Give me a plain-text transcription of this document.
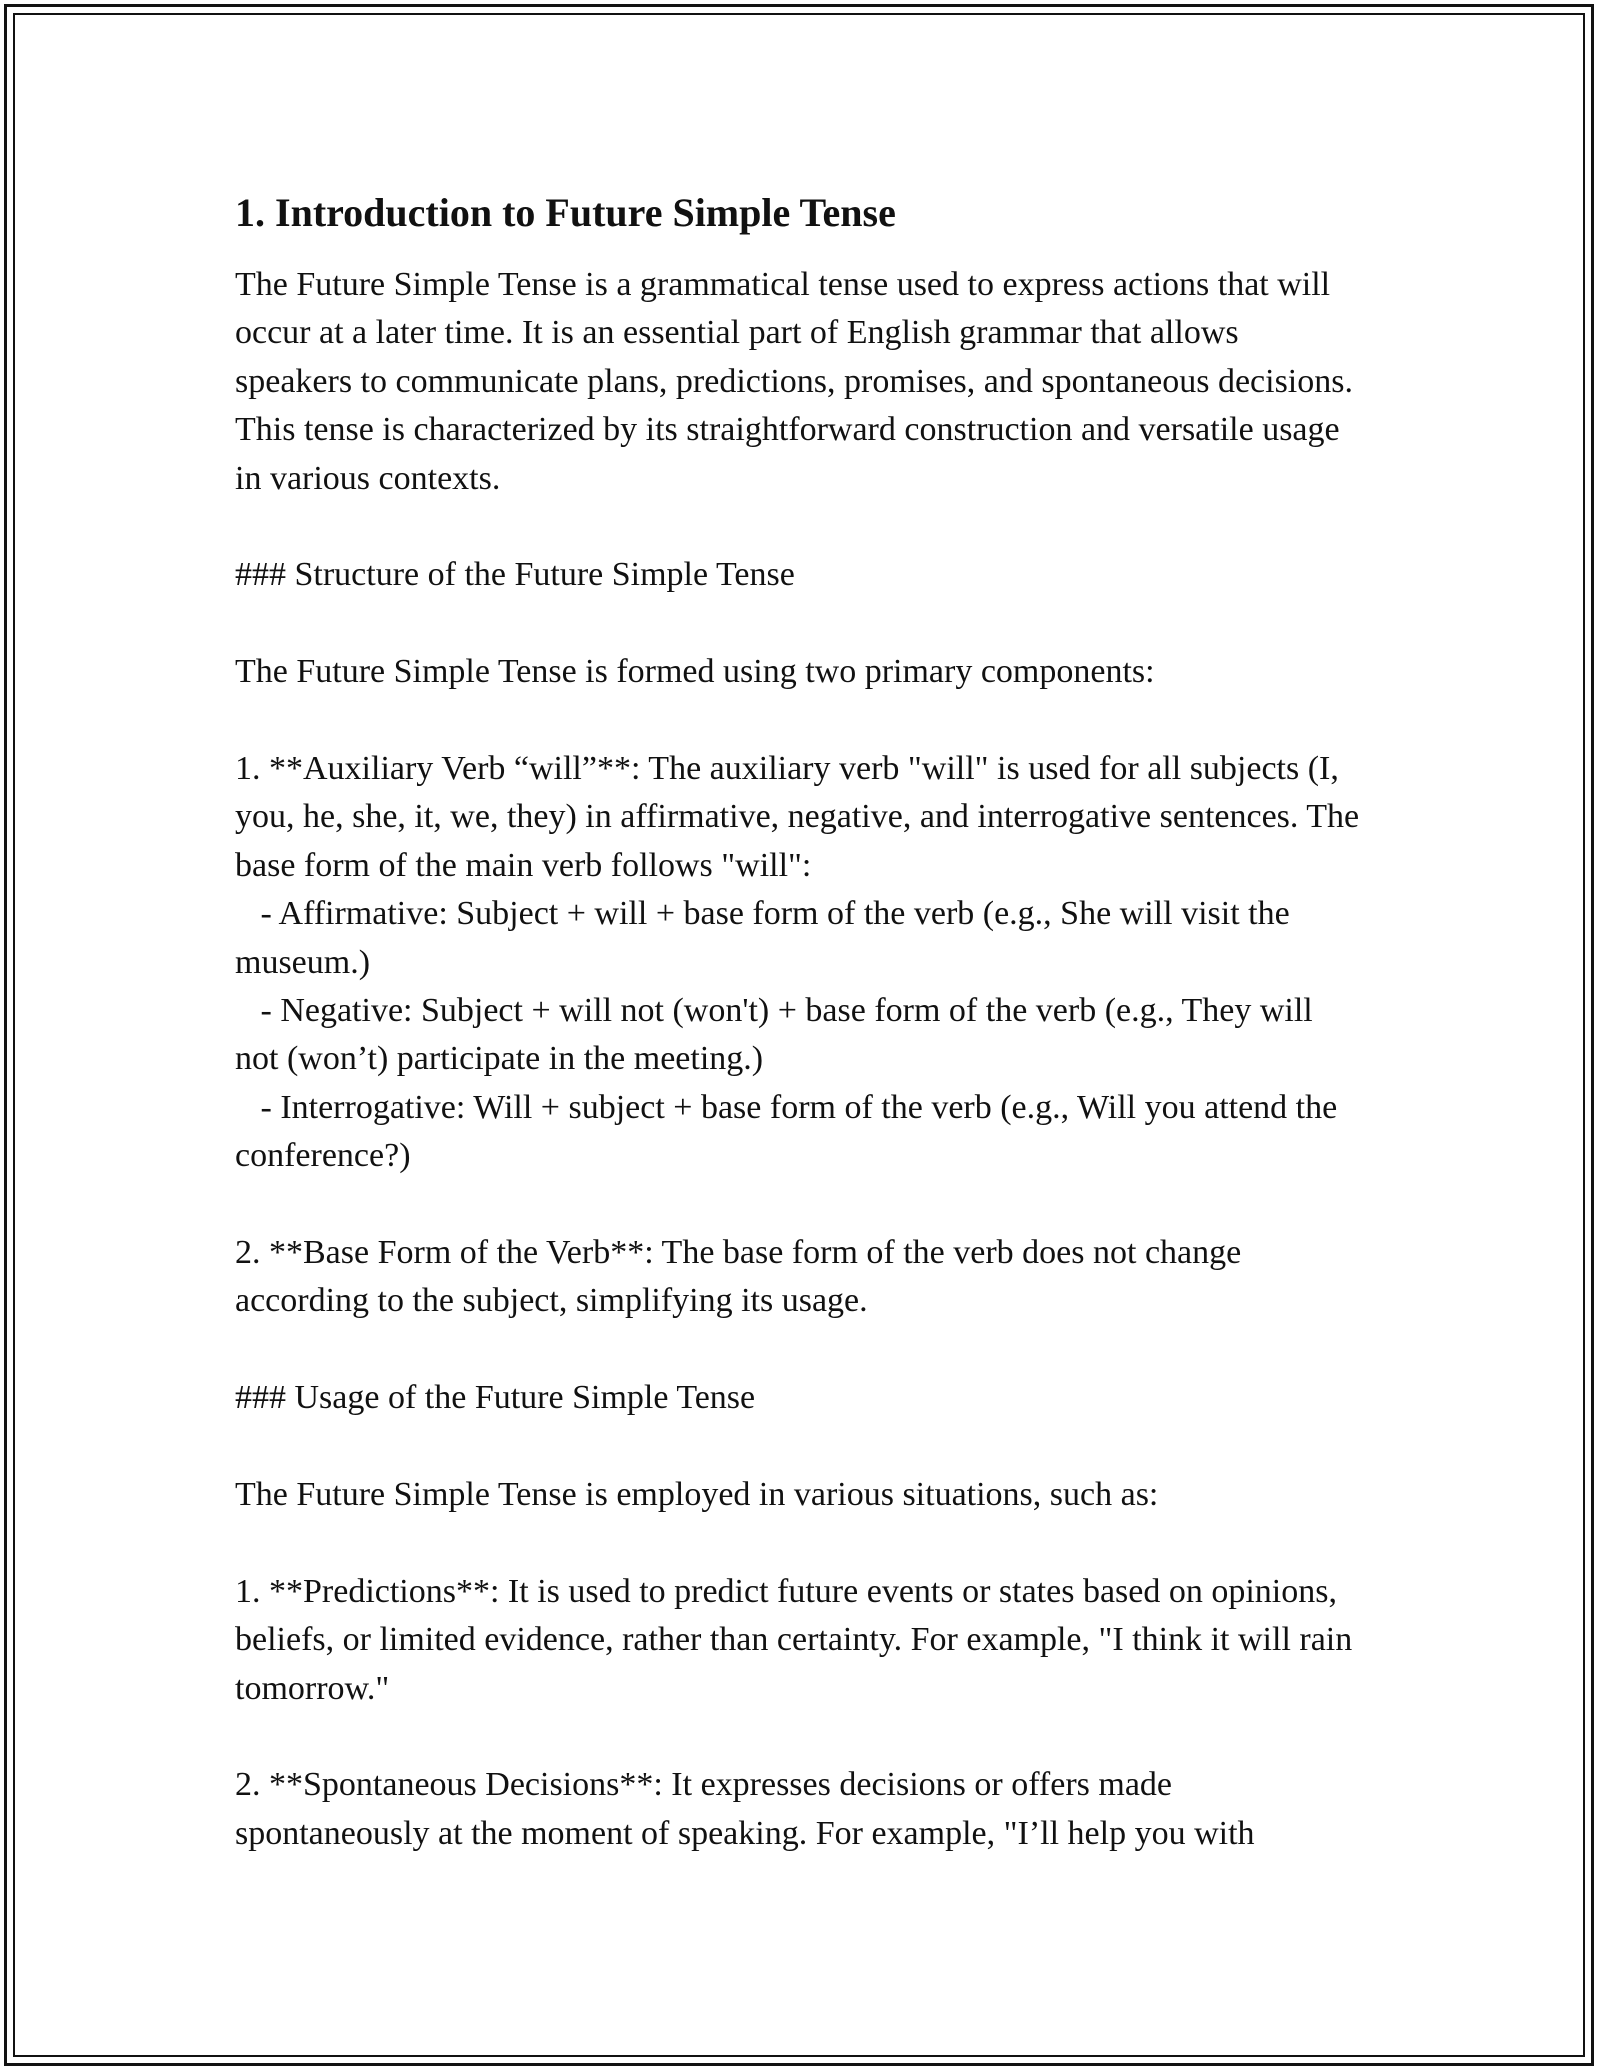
1. Introduction to Future Simple Tense
The Future Simple Tense is a grammatical tense used to express actions that will occur at a later time. It is an essential part of English grammar that allows speakers to communicate plans, predictions, promises, and spontaneous decisions. This tense is characterized by its straightforward construction and versatile usage in various contexts.
### Structure of the Future Simple Tense
The Future Simple Tense is formed using two primary components:
1. **Auxiliary Verb “will”**: The auxiliary verb "will" is used for all subjects (I, you, he, she, it, we, they) in affirmative, negative, and interrogative sentences. The base form of the main verb follows "will":
- Affirmative: Subject + will + base form of the verb (e.g., She will visit the museum.)
- Negative: Subject + will not (won't) + base form of the verb (e.g., They will not (won’t) participate in the meeting.)
- Interrogative: Will + subject + base form of the verb (e.g., Will you attend the conference?)
2. **Base Form of the Verb**: The base form of the verb does not change according to the subject, simplifying its usage.
### Usage of the Future Simple Tense
The Future Simple Tense is employed in various situations, such as:
1. **Predictions**: It is used to predict future events or states based on opinions, beliefs, or limited evidence, rather than certainty. For example, "I think it will rain tomorrow."
2. **Spontaneous Decisions**: It expresses decisions or offers made spontaneously at the moment of speaking. For example, "I’ll help you with
